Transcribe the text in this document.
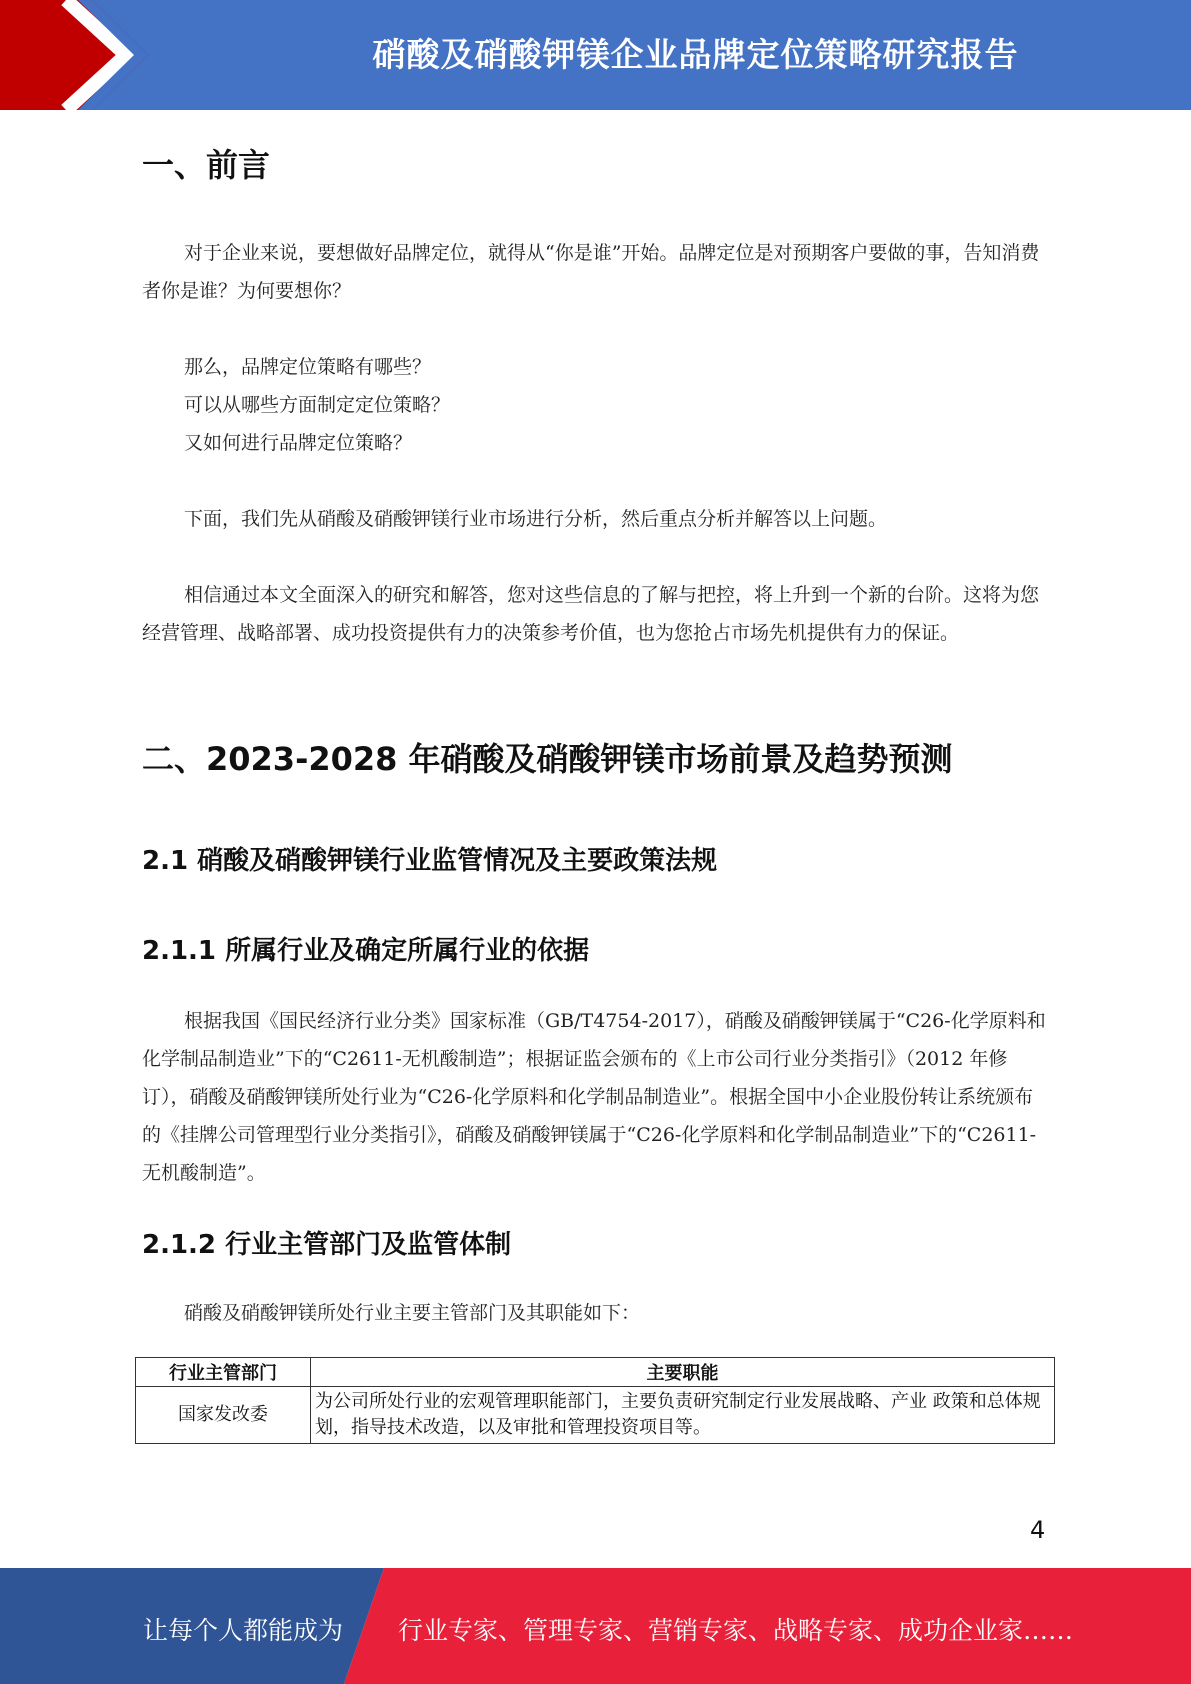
硝酸及硝酸钾镁企业品牌定位策略研究报告
一、前言
对于企业来说，要想做好品牌定位，就得从“你是谁”开始。品牌定位是对预期客户要做的事，告知消费者你是谁？为何要想你？
那么，品牌定位策略有哪些？
可以从哪些方面制定定位策略？
又如何进行品牌定位策略？
下面，我们先从硝酸及硝酸钾镁行业市场进行分析，然后重点分析并解答以上问题。
相信通过本文全面深入的研究和解答，您对这些信息的了解与把控，将上升到一个新的台阶。这将为您经营管理、战略部署、成功投资提供有力的决策参考价值，也为您抢占市场先机提供有力的保证。
二、2023-2028 年硝酸及硝酸钾镁市场前景及趋势预测
2.1 硝酸及硝酸钾镁行业监管情况及主要政策法规
2.1.1 所属行业及确定所属行业的依据
根据我国《国民经济行业分类》国家标准（GB/T4754-2017），硝酸及硝酸钾镁属于“C26-化学原料和化学制品制造业”下的“C2611-无机酸制造”；根据证监会颁布的《上市公司行业分类指引》（2012 年修订），硝酸及硝酸钾镁所处行业为“C26-化学原料和化学制品制造业”。根据全国中小企业股份转让系统颁布的《挂牌公司管理型行业分类指引》，硝酸及硝酸钾镁属于“C26-化学原料和化学制品制造业”下的“C2611-无机酸制造”。
2.1.2 行业主管部门及监管体制
硝酸及硝酸钾镁所处行业主要主管部门及其职能如下：
行业主管部门	主要职能
国家发改委	为公司所处行业的宏观管理职能部门，主要负责研究制定行业发展战略、产业 政策和总体规划，指导技术改造，以及审批和管理投资项目等。
4
让每个人都能成为 行业专家、管理专家、营销专家、战略专家、成功企业家……
